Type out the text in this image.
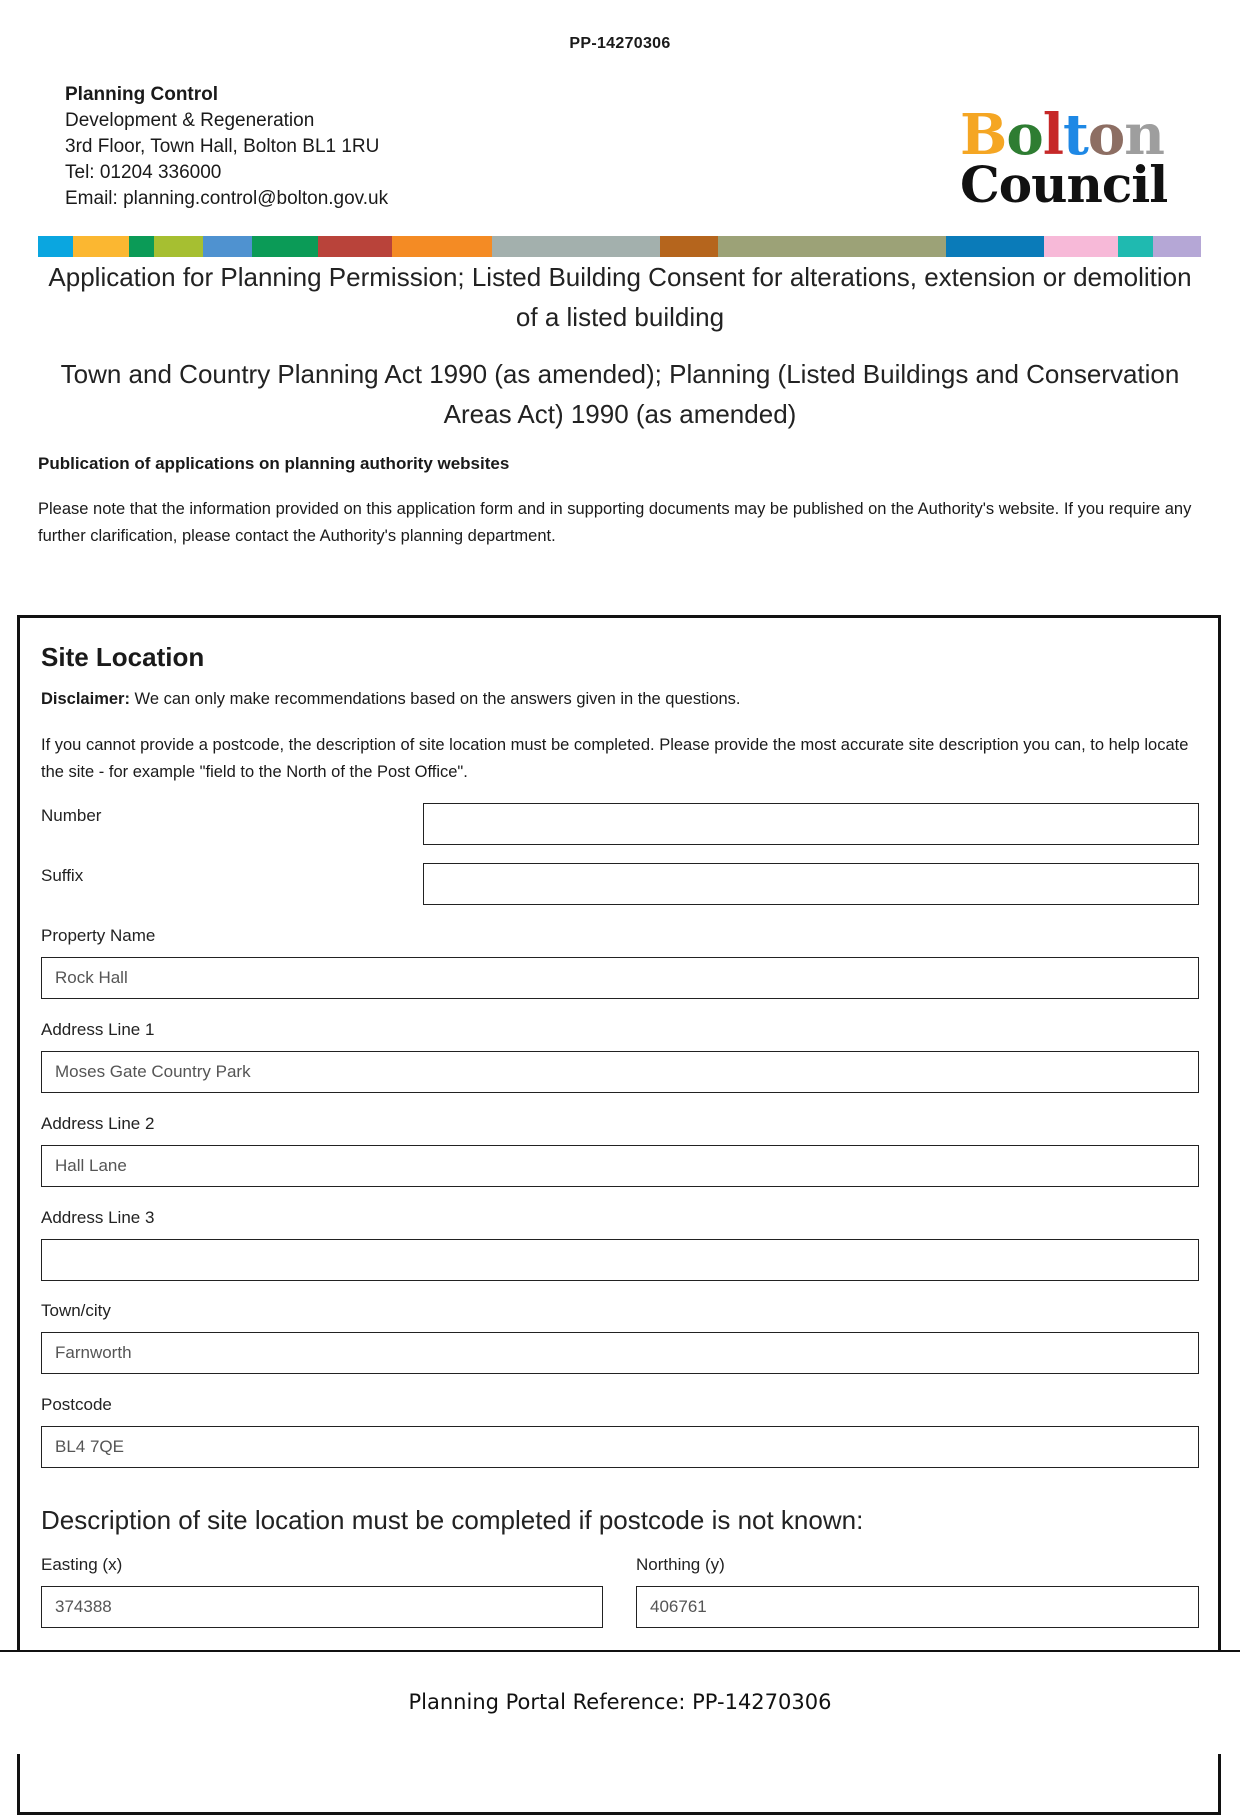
PP-14270306
Planning Control
Development & Regeneration
3rd Floor, Town Hall, Bolton BL1 1RU
Tel: 01204 336000
Email: planning.control@bolton.gov.uk
Bolton
Council
Application for Planning Permission; Listed Building Consent for alterations, extension or demolition of a listed building
Town and Country Planning Act 1990 (as amended); Planning (Listed Buildings and Conservation Areas Act) 1990 (as amended)
Publication of applications on planning authority websites
Please note that the information provided on this application form and in supporting documents may be published on the Authority's website. If you require any further clarification, please contact the Authority's planning department.
Site Location
Disclaimer: We can only make recommendations based on the answers given in the questions.
If you cannot provide a postcode, the description of site location must be completed. Please provide the most accurate site description you can, to help locate the site - for example "field to the North of the Post Office".
Number
Suffix
Property Name
Rock Hall
Address Line 1
Moses Gate Country Park
Address Line 2
Hall Lane
Address Line 3
Town/city
Farnworth
Postcode
BL4 7QE
Description of site location must be completed if postcode is not known:
Easting (x)
374388
Northing (y)
406761
Planning Portal Reference: PP-14270306
